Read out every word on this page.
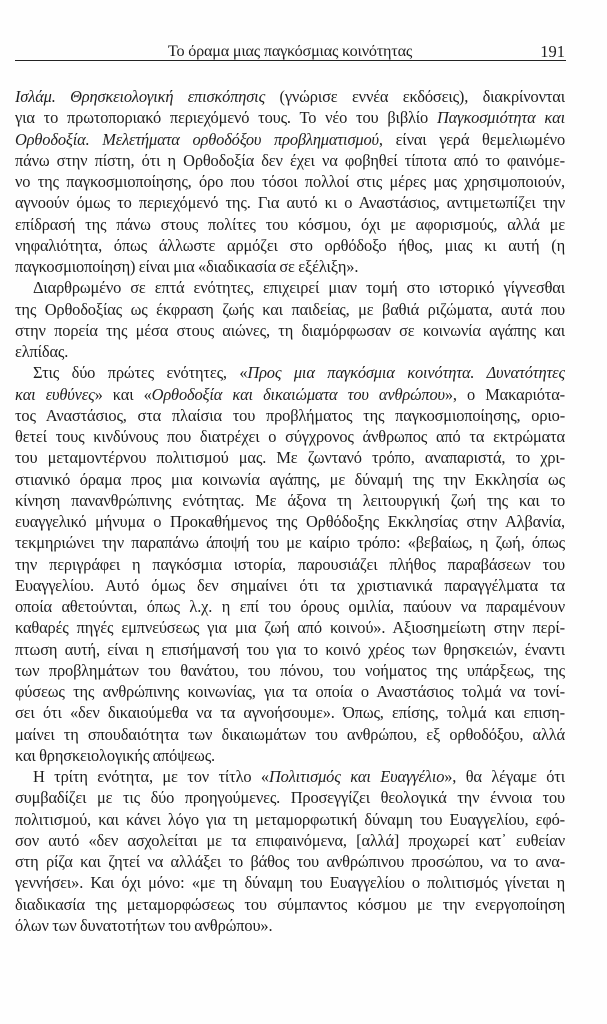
Το όραμα μιας παγκόσμιας κοινότητας	191
Ισλάμ. Θρησκειολογική επισκόπησις (γνώρισε εννέα εκδόσεις), διακρίνονται
για το πρωτοποριακό περιεχόμενό τους. Το νέο του βιβλίο Παγκοσμιότητα και
Ορθοδοξία. Μελετήματα ορθοδόξου προβληματισμού, είναι γερά θεμελιωμένο
πάνω στην πίστη, ότι η Ορθοδοξία δεν έχει να φοβηθεί τίποτα από το φαινόμε-
νο της παγκοσμιοποίησης, όρο που τόσοι πολλοί στις μέρες μας χρησιμοποιούν,
αγνοούν όμως το περιεχόμενό της. Για αυτό κι ο Αναστάσιος, αντιμετωπίζει την
επίδρασή της πάνω στους πολίτες του κόσμου, όχι με αφορισμούς, αλλά με
νηφαλιότητα, όπως άλλωστε αρμόζει στο ορθόδοξο ήθος, μιας κι αυτή (η
παγκοσμιοποίηση) είναι μια «διαδικασία σε εξέλιξη».
Διαρθρωμένο σε επτά ενότητες, επιχειρεί μιαν τομή στο ιστορικό γίγνεσθαι
της Ορθοδοξίας ως έκφραση ζωής και παιδείας, με βαθιά ριζώματα, αυτά που
στην πορεία της μέσα στους αιώνες, τη διαμόρφωσαν σε κοινωνία αγάπης και
ελπίδας.
Στις δύο πρώτες ενότητες, «Προς μια παγκόσμια κοινότητα. Δυνατότητες
και ευθύνες» και «Ορθοδοξία και δικαιώματα του ανθρώπου», ο Μακαριότα-
τος Αναστάσιος, στα πλαίσια του προβλήματος της παγκοσμιοποίησης, οριο-
θετεί τους κινδύνους που διατρέχει ο σύγχρονος άνθρωπος από τα εκτρώματα
του μεταμοντέρνου πολιτισμού μας. Με ζωντανό τρόπο, αναπαριστά, το χρι-
στιανικό όραμα προς μια κοινωνία αγάπης, με δύναμή της την Εκκλησία ως
κίνηση πανανθρώπινης ενότητας. Με άξονα τη λειτουργική ζωή της και το
ευαγγελικό μήνυμα ο Προκαθήμενος της Ορθόδοξης Εκκλησίας στην Αλβανία,
τεκμηριώνει την παραπάνω άποψή του με καίριο τρόπο: «βεβαίως, η ζωή, όπως
την περιγράφει η παγκόσμια ιστορία, παρουσιάζει πλήθος παραβάσεων του
Ευαγγελίου. Αυτό όμως δεν σημαίνει ότι τα χριστιανικά παραγγέλματα τα
οποία αθετούνται, όπως λ.χ. η επί του όρους ομιλία, παύουν να παραμένουν
καθαρές πηγές εμπνεύσεως για μια ζωή από κοινού». Αξιοσημείωτη στην περί-
πτωση αυτή, είναι η επισήμανσή του για το κοινό χρέος των θρησκειών, έναντι
των προβλημάτων του θανάτου, του πόνου, του νοήματος της υπάρξεως, της
φύσεως της ανθρώπινης κοινωνίας, για τα οποία ο Αναστάσιος τολμά να τονί-
σει ότι «δεν δικαιούμεθα να τα αγνοήσουμε». Όπως, επίσης, τολμά και επιση-
μαίνει τη σπουδαιότητα των δικαιωμάτων του ανθρώπου, εξ ορθοδόξου, αλλά
και θρησκειολογικής απόψεως.
Η τρίτη ενότητα, με τον τίτλο «Πολιτισμός και Ευαγγέλιο», θα λέγαμε ότι
συμβαδίζει με τις δύο προηγούμενες. Προσεγγίζει θεολογικά την έννοια του
πολιτισμού, και κάνει λόγο για τη μεταμορφωτική δύναμη του Ευαγγελίου, εφό-
σον αυτό «δεν ασχολείται με τα επιφαινόμενα, [αλλά] προχωρεί κατ᾽ ευθείαν
στη ρίζα και ζητεί να αλλάξει το βάθος του ανθρώπινου προσώπου, να το ανα-
γεννήσει». Και όχι μόνο: «με τη δύναμη του Ευαγγελίου ο πολιτισμός γίνεται η
διαδικασία της μεταμορφώσεως του σύμπαντος κόσμου με την ενεργοποίηση
όλων των δυνατοτήτων του ανθρώπου».
